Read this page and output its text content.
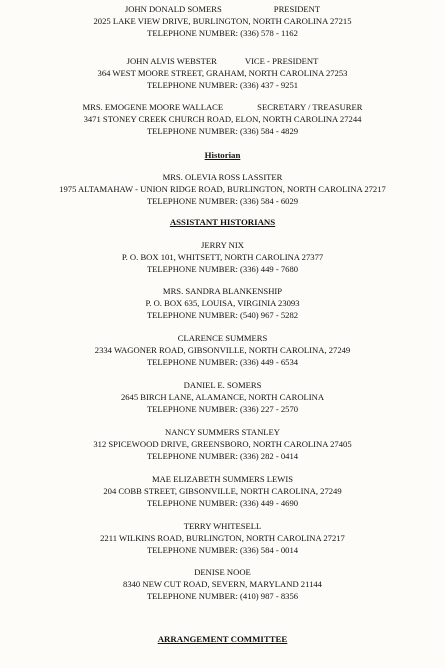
JOHN DONALD SOMERS	PRESIDENT
2025 LAKE VIEW DRIVE, BURLINGTON, NORTH CAROLINA 27215
TELEPHONE NUMBER: (336) 578 - 1162
JOHN ALVIS WEBSTER	VICE - PRESIDENT
364 WEST MOORE STREET, GRAHAM, NORTH CAROLINA 27253
TELEPHONE NUMBER: (336) 437 - 9251
MRS. EMOGENE MOORE WALLACE	SECRETARY / TREASURER
3471 STONEY CREEK CHURCH ROAD, ELON, NORTH CAROLINA 27244
TELEPHONE NUMBER: (336) 584 - 4829
Historian
MRS. OLEVIA ROSS LASSITER
1975 ALTAMAHAW - UNION RIDGE ROAD, BURLINGTON, NORTH CAROLINA 27217
TELEPHONE NUMBER: (336) 584 - 6029
ASSISTANT HISTORIANS
JERRY NIX
P. O. BOX 101, WHITSETT, NORTH CAROLINA 27377
TELEPHONE NUMBER: (336) 449 - 7680
MRS. SANDRA BLANKENSHIP
P. O. BOX 635, LOUISA, VIRGINIA 23093
TELEPHONE NUMBER: (540) 967 - 5282
CLARENCE SUMMERS
2334 WAGONER ROAD, GIBSONVILLE, NORTH CAROLINA, 27249
TELEPHONE NUMBER: (336) 449 - 6534
DANIEL E. SOMERS
2645 BIRCH LANE, ALAMANCE, NORTH CAROLINA
TELEPHONE NUMBER: (336) 227 - 2570
NANCY SUMMERS STANLEY
312 SPICEWOOD DRIVE, GREENSBORO, NORTH CAROLINA 27405
TELEPHONE NUMBER: (336) 282 - 0414
MAE ELIZABETH SUMMERS LEWIS
204 COBB STREET, GIBSONVILLE, NORTH CAROLINA, 27249
TELEPHONE NUMBER: (336) 449 - 4690
TERRY WHITESELL
2211 WILKINS ROAD, BURLINGTON, NORTH CAROLINA 27217
TELEPHONE NUMBER: (336) 584 - 0014
DENISE NOOE
8340 NEW CUT ROAD, SEVERN, MARYLAND 21144
TELEPHONE NUMBER: (410) 987 - 8356
ARRANGEMENT COMMITTEE
